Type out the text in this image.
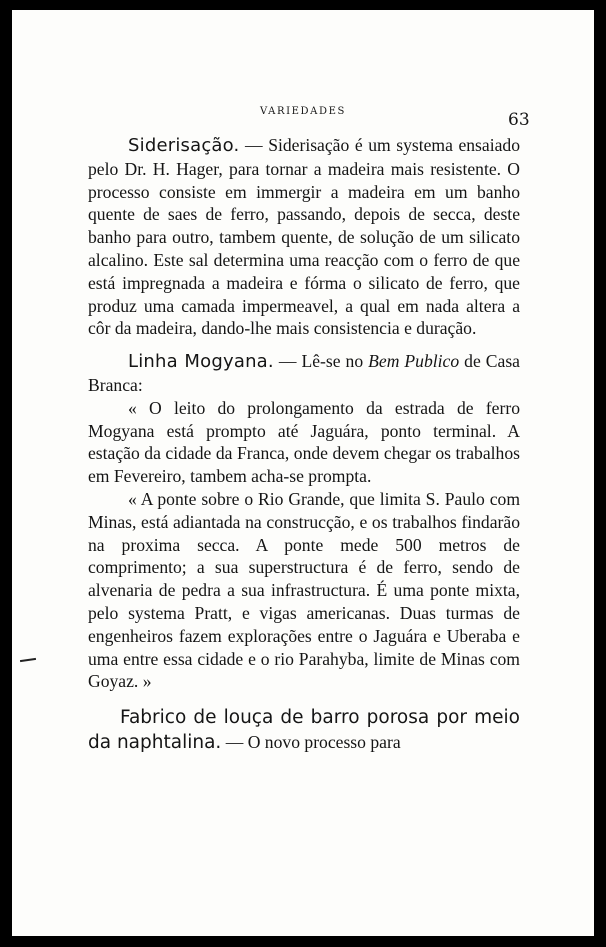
VARIEDADES	63

Siderisação. — Siderisação é um systema ensaiado pelo Dr. H. Hager, para tornar a madeira mais resistente. O processo consiste em immergir a madeira em um banho quente de saes de ferro, passando, depois de secca, deste banho para outro, tambem quente, de solução de um silicato alcalino. Este sal determina uma reacção com o ferro de que está impregnada a madeira e fórma o silicato de ferro, que produz uma camada impermeavel, a qual em nada altera a côr da madeira, dando-lhe mais consistencia e duração.

Linha Mogyana. — Lê-se no Bem Publico de Casa Branca:

« O leito do prolongamento da estrada de ferro Mogyana está prompto até Jaguára, ponto terminal. A estação da cidade da Franca, onde devem chegar os trabalhos em Fevereiro, tambem acha-se prompta.

« A ponte sobre o Rio Grande, que limita S. Paulo com Minas, está adiantada na construcção, e os trabalhos findarão na proxima secca. A ponte mede 500 metros de comprimento; a sua superstructura é de ferro, sendo de alvenaria de pedra a sua infrastructura. É uma ponte mixta, pelo systema Pratt, e vigas americanas. Duas turmas de engenheiros fazem explorações entre o Jaguára e Uberaba e uma entre essa cidade e o rio Parahyba, limite de Minas com Goyaz. »

Fabrico de louça de barro porosa por meio da naphtalina. — O novo processo para
